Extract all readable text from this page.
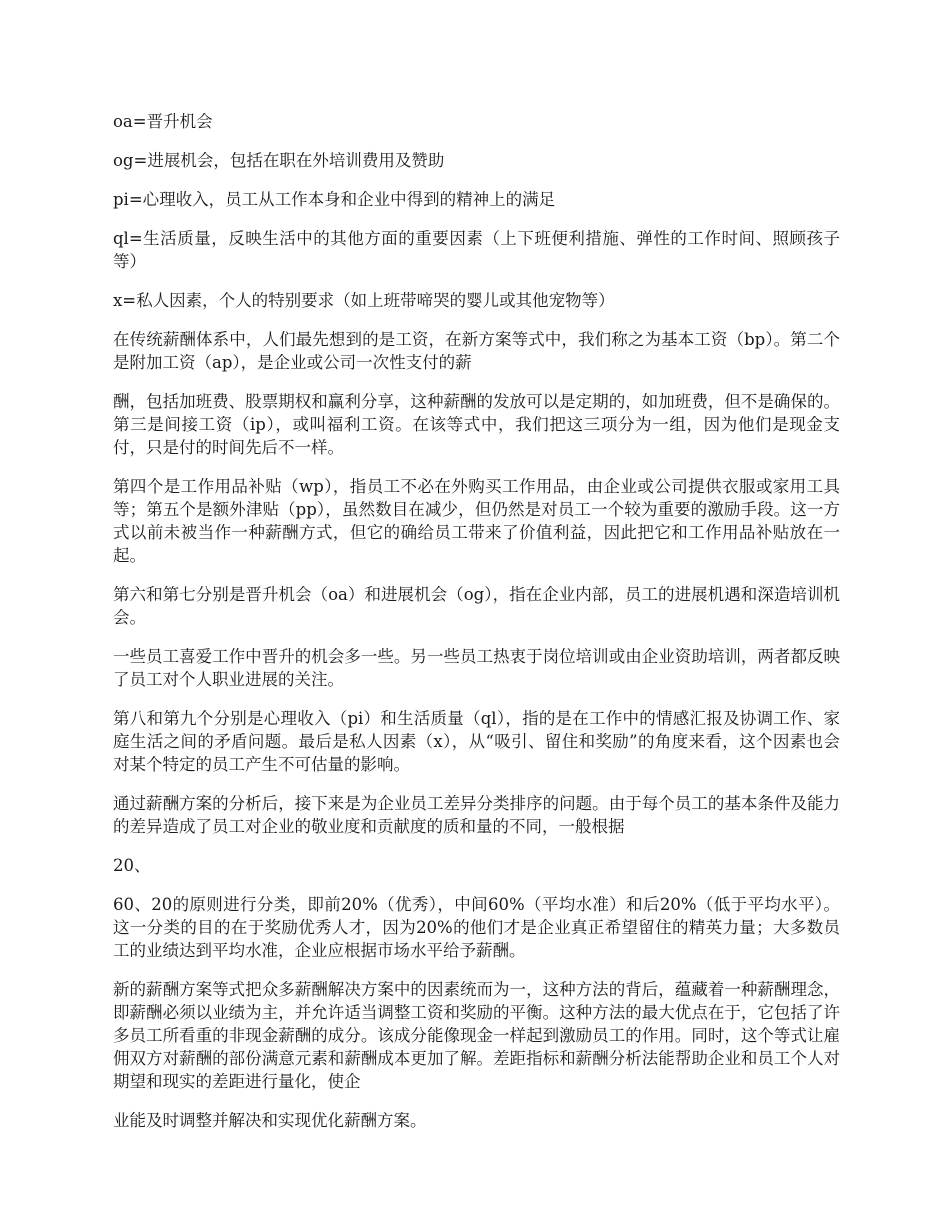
oa=晋升机会

og=进展机会，包括在职在外培训费用及赞助

pi=心理收入，员工从工作本身和企业中得到的精神上的满足

ql=生活质量，反映生活中的其他方面的重要因素（上下班便利措施、弹性的工作时间、照顾孩子等）

x=私人因素，个人的特别要求（如上班带啼哭的婴儿或其他宠物等）

在传统薪酬体系中，人们最先想到的是工资，在新方案等式中，我们称之为基本工资（bp）。第二个是附加工资（ap），是企业或公司一次性支付的薪

酬，包括加班费、股票期权和赢利分享，这种薪酬的发放可以是定期的，如加班费，但不是确保的。第三是间接工资（ip），或叫福利工资。在该等式中，我们把这三项分为一组，因为他们是现金支付，只是付的时间先后不一样。

第四个是工作用品补贴（wp），指员工不必在外购买工作用品，由企业或公司提供衣服或家用工具等；第五个是额外津贴（pp），虽然数目在减少，但仍然是对员工一个较为重要的激励手段。这一方式以前未被当作一种薪酬方式，但它的确给员工带来了价值利益，因此把它和工作用品补贴放在一起。

第六和第七分别是晋升机会（oa）和进展机会（og），指在企业内部，员工的进展机遇和深造培训机会。

一些员工喜爱工作中晋升的机会多一些。另一些员工热衷于岗位培训或由企业资助培训，两者都反映了员工对个人职业进展的关注。

第八和第九个分别是心理收入（pi）和生活质量（ql），指的是在工作中的情感汇报及协调工作、家庭生活之间的矛盾问题。最后是私人因素（x），从“吸引、留住和奖励”的角度来看，这个因素也会对某个特定的员工产生不可估量的影响。

通过薪酬方案的分析后，接下来是为企业员工差异分类排序的问题。由于每个员工的基本条件及能力的差异造成了员工对企业的敬业度和贡献度的质和量的不同，一般根据

20、

60、20的原则进行分类，即前20%（优秀），中间60%（平均水准）和后20%（低于平均水平）。这一分类的目的在于奖励优秀人才，因为20%的他们才是企业真正希望留住的精英力量；大多数员工的业绩达到平均水准，企业应根据市场水平给予薪酬。

新的薪酬方案等式把众多薪酬解决方案中的因素统而为一，这种方法的背后，蕴藏着一种薪酬理念，即薪酬必须以业绩为主，并允许适当调整工资和奖励的平衡。这种方法的最大优点在于，它包括了许多员工所看重的非现金薪酬的成分。该成分能像现金一样起到激励员工的作用。同时，这个等式让雇佣双方对薪酬的部份满意元素和薪酬成本更加了解。差距指标和薪酬分析法能帮助企业和员工个人对期望和现实的差距进行量化，使企

业能及时调整并解决和实现优化薪酬方案。
